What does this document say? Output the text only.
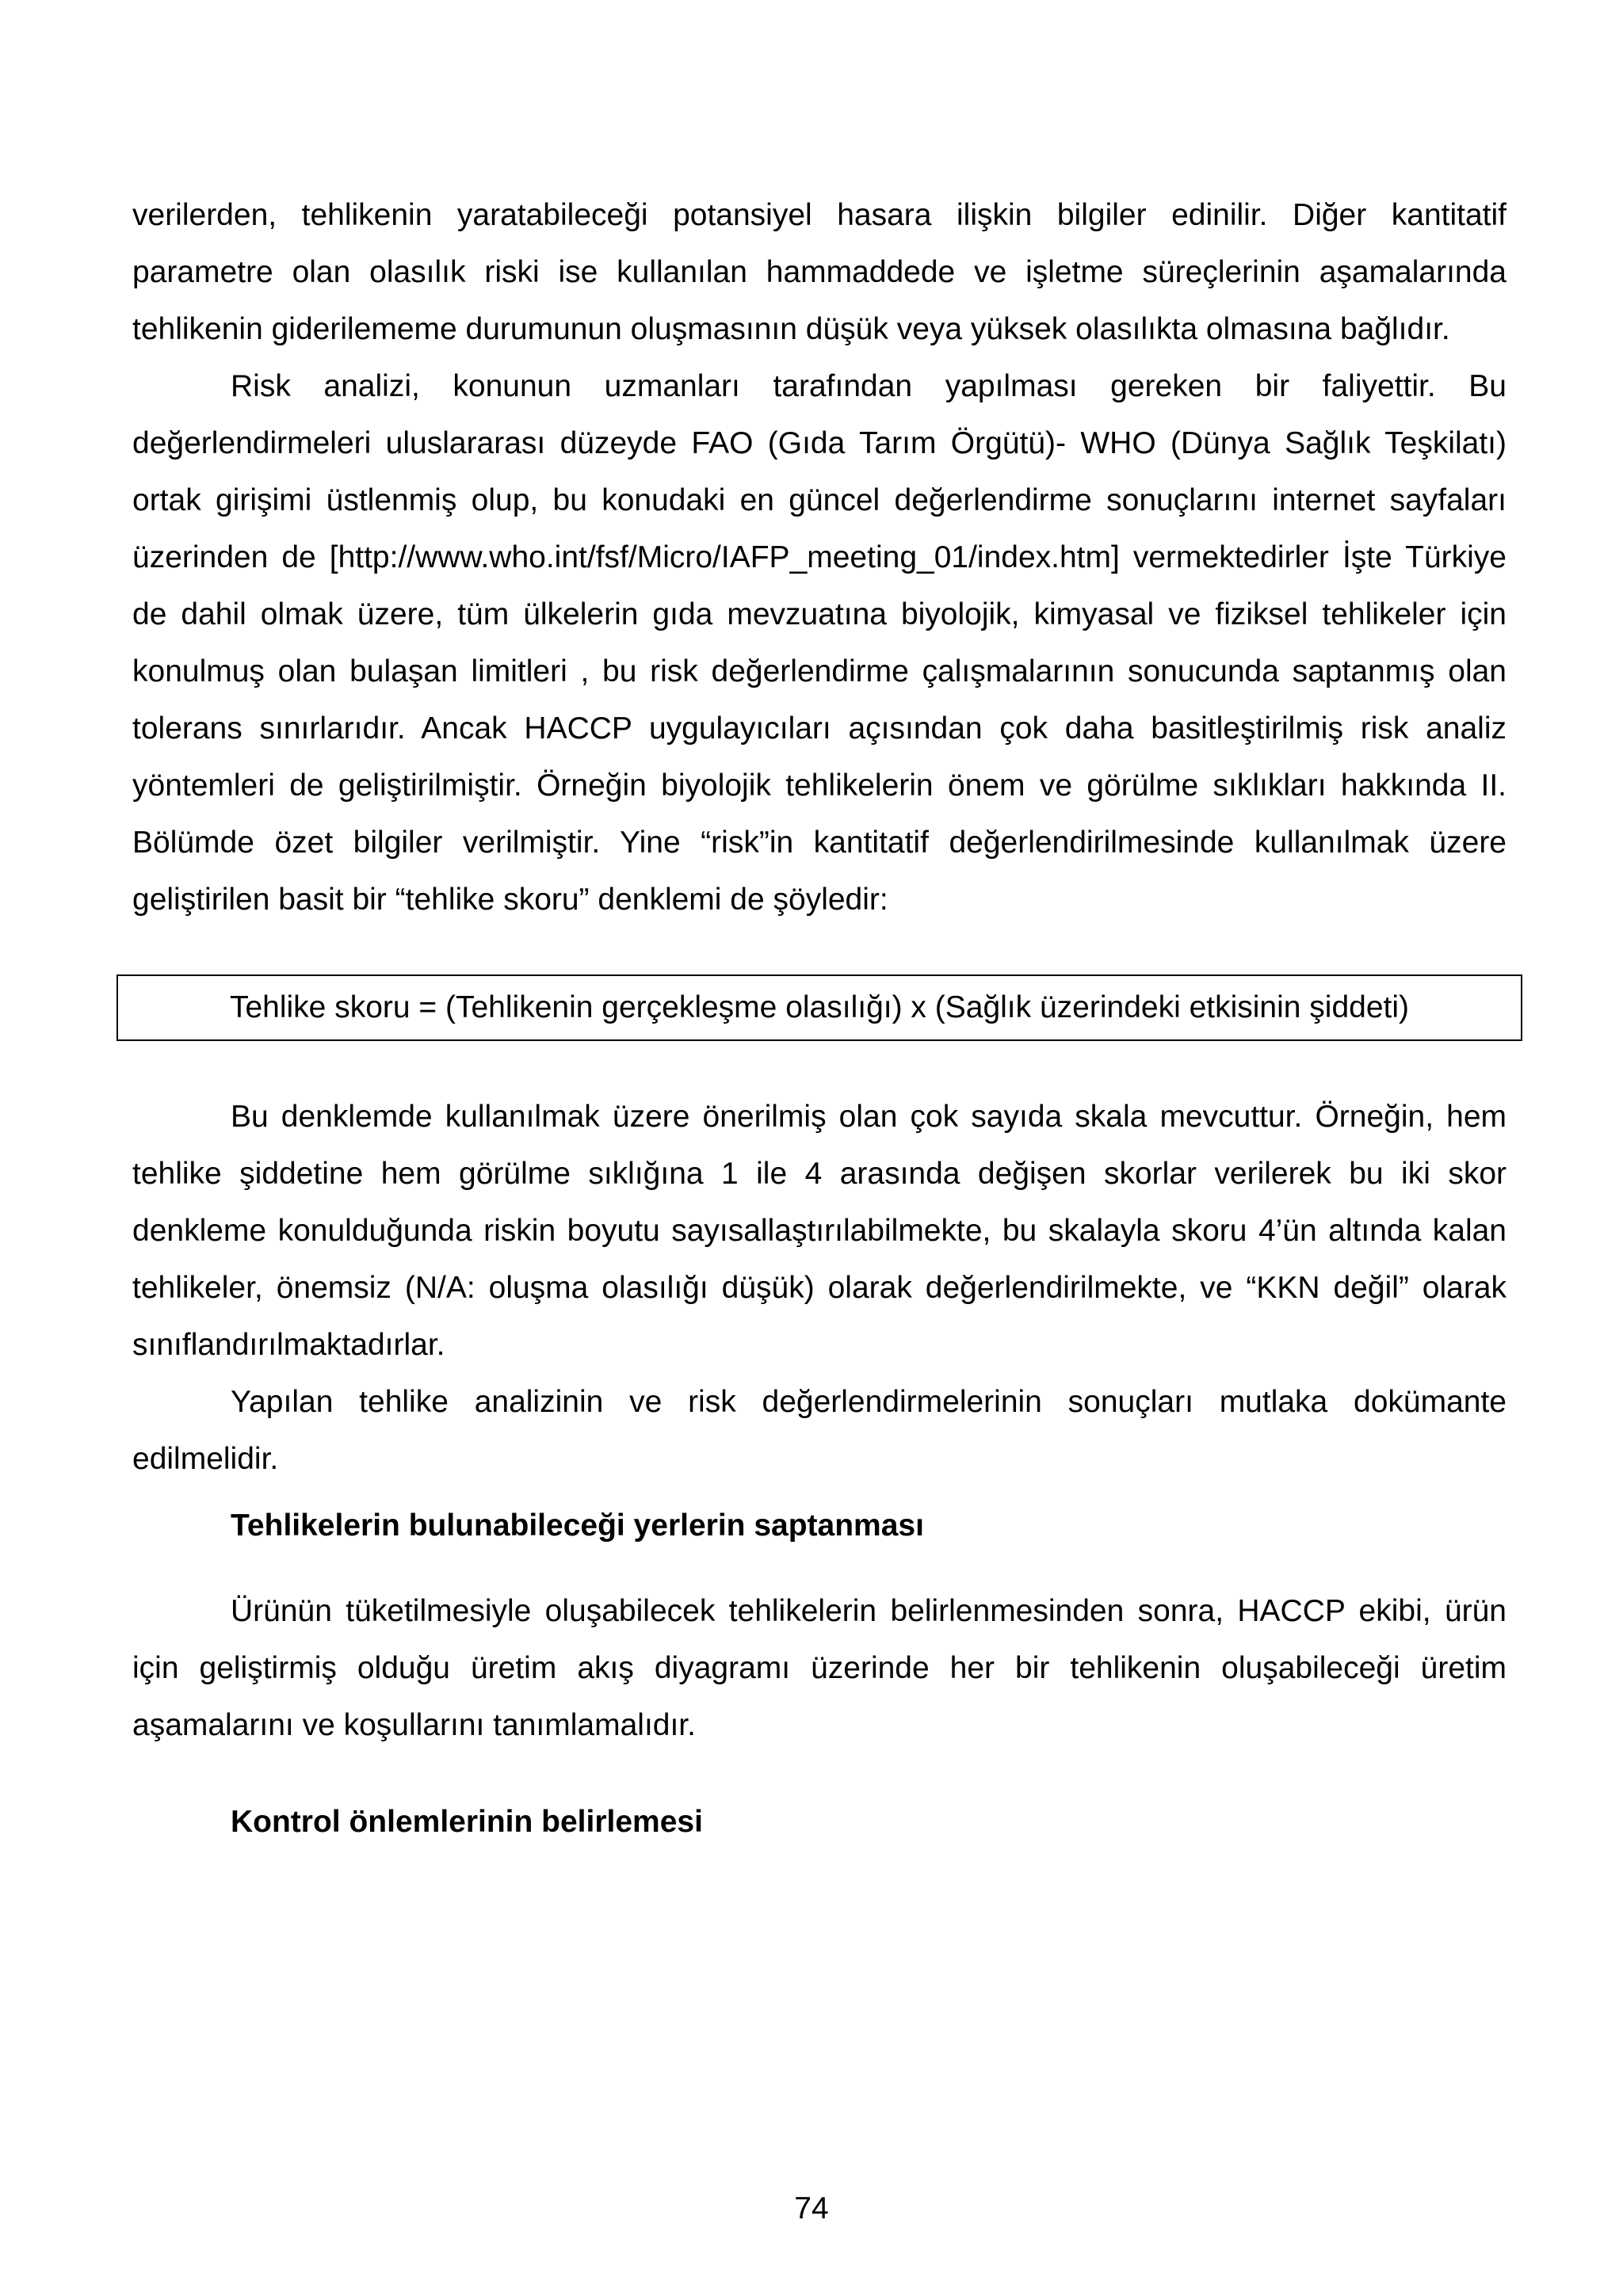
verilerden, tehlikenin yaratabileceği potansiyel hasara ilişkin bilgiler edinilir. Diğer kantitatif parametre olan olasılık riski ise kullanılan hammaddede ve işletme süreçlerinin aşamalarında tehlikenin giderilememe durumunun oluşmasının düşük veya yüksek olasılıkta olmasına bağlıdır.

Risk analizi, konunun uzmanları tarafından yapılması gereken bir faliyettir. Bu değerlendirmeleri uluslararası düzeyde FAO (Gıda Tarım Örgütü)- WHO (Dünya Sağlık Teşkilatı) ortak girişimi üstlenmiş olup, bu konudaki en güncel değerlendirme sonuçlarını internet sayfaları üzerinden de [http://www.who.int/fsf/Micro/IAFP_meeting_01/index.htm] vermektedirler İşte Türkiye de dahil olmak üzere, tüm ülkelerin gıda mevzuatına biyolojik, kimyasal ve fiziksel tehlikeler için konulmuş olan bulaşan limitleri , bu risk değerlendirme çalışmalarının sonucunda saptanmış olan tolerans sınırlarıdır. Ancak HACCP uygulayıcıları açısından çok daha basitleştirilmiş risk analiz yöntemleri de geliştirilmiştir. Örneğin biyolojik tehlikelerin önem ve görülme sıklıkları hakkında II. Bölümde özet bilgiler verilmiştir. Yine “risk”in kantitatif değerlendirilmesinde kullanılmak üzere geliştirilen basit bir “tehlike skoru” denklemi de şöyledir:

Tehlike skoru = (Tehlikenin gerçekleşme olasılığı) x (Sağlık üzerindeki etkisinin şiddeti)

Bu denklemde kullanılmak üzere önerilmiş olan çok sayıda skala mevcuttur. Örneğin, hem tehlike şiddetine hem görülme sıklığına 1 ile 4 arasında değişen skorlar verilerek bu iki skor denkleme konulduğunda riskin boyutu sayısallaştırılabilmekte, bu skalayla skoru 4’ün altında kalan tehlikeler, önemsiz (N/A: oluşma olasılığı düşük) olarak değerlendirilmekte, ve “KKN değil” olarak sınıflandırılmaktadırlar.

Yapılan tehlike analizinin ve risk değerlendirmelerinin sonuçları mutlaka dokümante edilmelidir.

Tehlikelerin bulunabileceği yerlerin saptanması

Ürünün tüketilmesiyle oluşabilecek tehlikelerin belirlenmesinden sonra, HACCP ekibi, ürün için geliştirmiş olduğu üretim akış diyagramı üzerinde her bir tehlikenin oluşabileceği üretim aşamalarını ve koşullarını tanımlamalıdır.

Kontrol önlemlerinin belirlemesi
74
